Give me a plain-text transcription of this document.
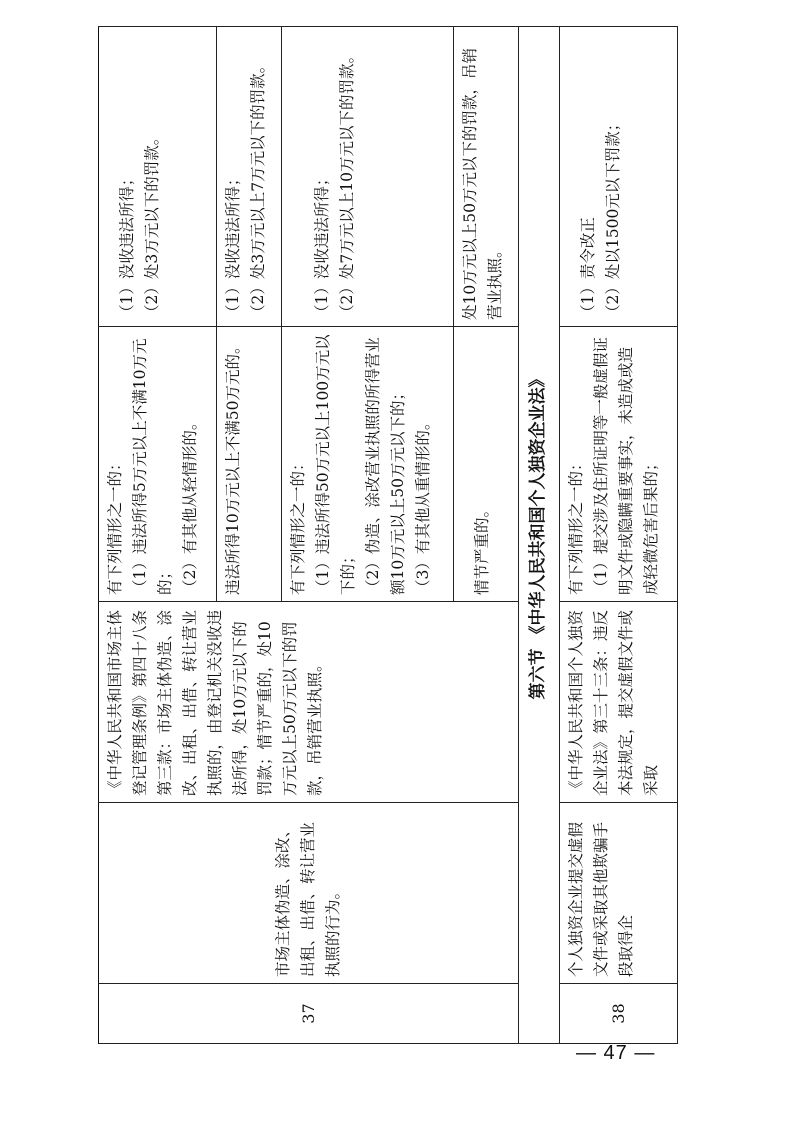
37	市场主体伪造、涂改、出租、出借、转让营业执照的行为。	《中华人民共和国市场主体登记管理条例》第四十八条第三款：市场主体伪造、涂改、出租、出借、转让营业执照的，由登记机关没收违法所得，处10万元以下的罚款；情节严重的，处10万元以上50万元以下的罚款，吊销营业执照。	有下列情形之一的： （1）违法所得5万元以上不满10万元的； （2）有其他从轻情形的。	（1）没收违法所得； （2）处3万元以下的罚款。

			违法所得10万元以上不满50万元的。	（1）没收违法所得； （2）处3万元以上7万元以下的罚款。

			有下列情形之一的： （1）违法所得50万元以上100万元以下的； （2）伪造、涂改营业执照的所得营业额10万元以上50万元以下的； （3）有其他从重情形的。	（1）没收违法所得； （2）处7万元以上10万元以下的罚款。

			情节严重的。	处10万元以上50万元以下的罚款，吊销营业执照。

第六节 《中华人民共和国个人独资企业法》				
38	个人独资企业提交虚假文件或采取其他欺骗手段取得企	《中华人民共和国个人独资企业法》第三十三条：违反本法规定，提交虚假文件或采取	有下列情形之一的： （1）提交涉及住所证明等一般虚假证明文件或隐瞒重要事实，未造成或造成轻微危害后果的；	（1）责令改正 （2）处以1500元以下罚款；
— 47 —
